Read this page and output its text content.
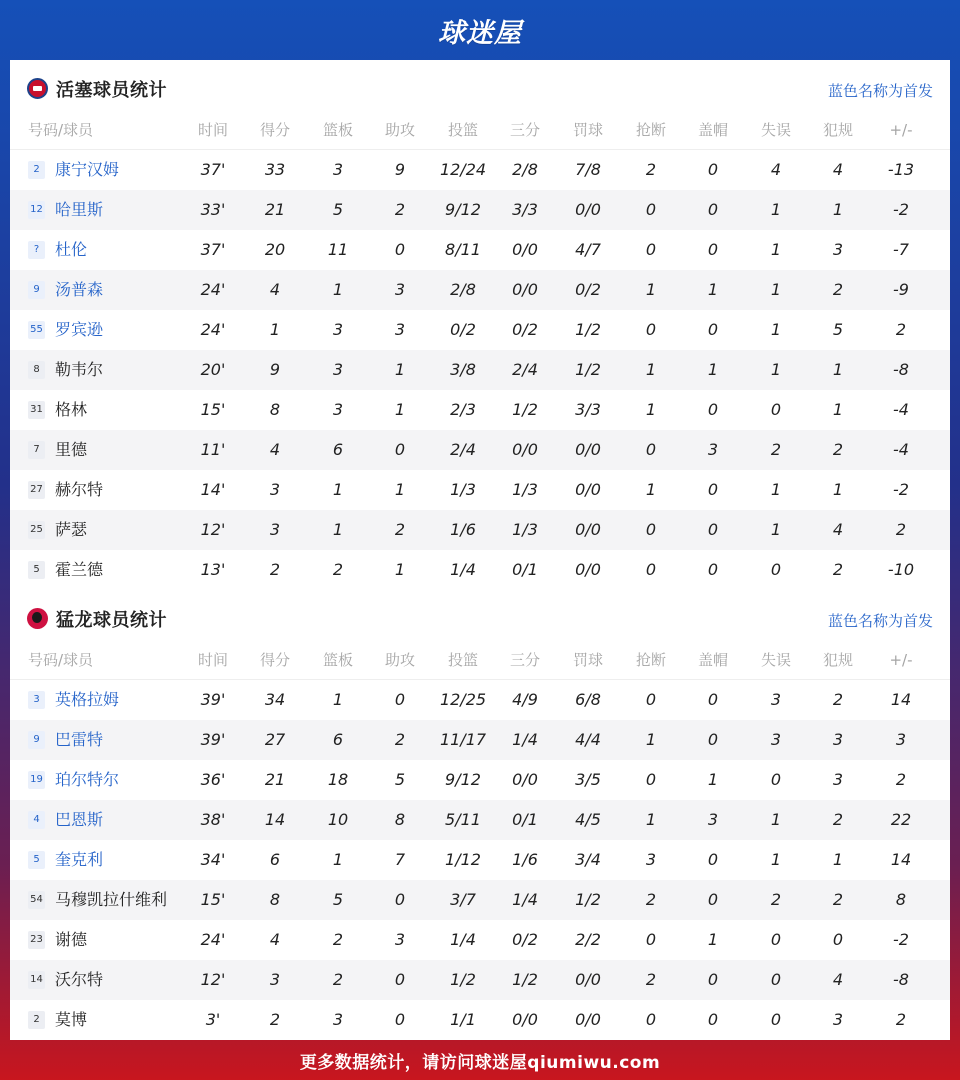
球迷屋
活塞球员统计	蓝色名称为首发
号码/球员	时间	得分	篮板	助攻	投篮	三分	罚球	抢断	盖帽	失误	犯规	+/-
2 康宁汉姆	37'	33	3	9	12/24	2/8	7/8	2	0	4	4	-13
12 哈里斯	33'	21	5	2	9/12	3/3	0/0	0	0	1	1	-2
? 杜伦	37'	20	11	0	8/11	0/0	4/7	0	0	1	3	-7
9 汤普森	24'	4	1	3	2/8	0/0	0/2	1	1	1	2	-9
55 罗宾逊	24'	1	3	3	0/2	0/2	1/2	0	0	1	5	2
8 勒韦尔	20'	9	3	1	3/8	2/4	1/2	1	1	1	1	-8
31 格林	15'	8	3	1	2/3	1/2	3/3	1	0	0	1	-4
7 里德	11'	4	6	0	2/4	0/0	0/0	0	3	2	2	-4
27 赫尔特	14'	3	1	1	1/3	1/3	0/0	1	0	1	1	-2
25 萨瑟	12'	3	1	2	1/6	1/3	0/0	0	0	1	4	2
5 霍兰德	13'	2	2	1	1/4	0/1	0/0	0	0	0	2	-10
猛龙球员统计	蓝色名称为首发
号码/球员	时间	得分	篮板	助攻	投篮	三分	罚球	抢断	盖帽	失误	犯规	+/-
3 英格拉姆	39'	34	1	0	12/25	4/9	6/8	0	0	3	2	14
9 巴雷特	39'	27	6	2	11/17	1/4	4/4	1	0	3	3	3
19 珀尔特尔	36'	21	18	5	9/12	0/0	3/5	0	1	0	3	2
4 巴恩斯	38'	14	10	8	5/11	0/1	4/5	1	3	1	2	22
5 奎克利	34'	6	1	7	1/12	1/6	3/4	3	0	1	1	14
54 马穆凯拉什维利	15'	8	5	0	3/7	1/4	1/2	2	0	2	2	8
23 谢德	24'	4	2	3	1/4	0/2	2/2	0	1	0	0	-2
14 沃尔特	12'	3	2	0	1/2	1/2	0/0	2	0	0	4	-8
2 莫博	3'	2	3	0	1/1	0/0	0/0	0	0	0	3	2
更多数据统计，请访问球迷屋qiumiwu.com
